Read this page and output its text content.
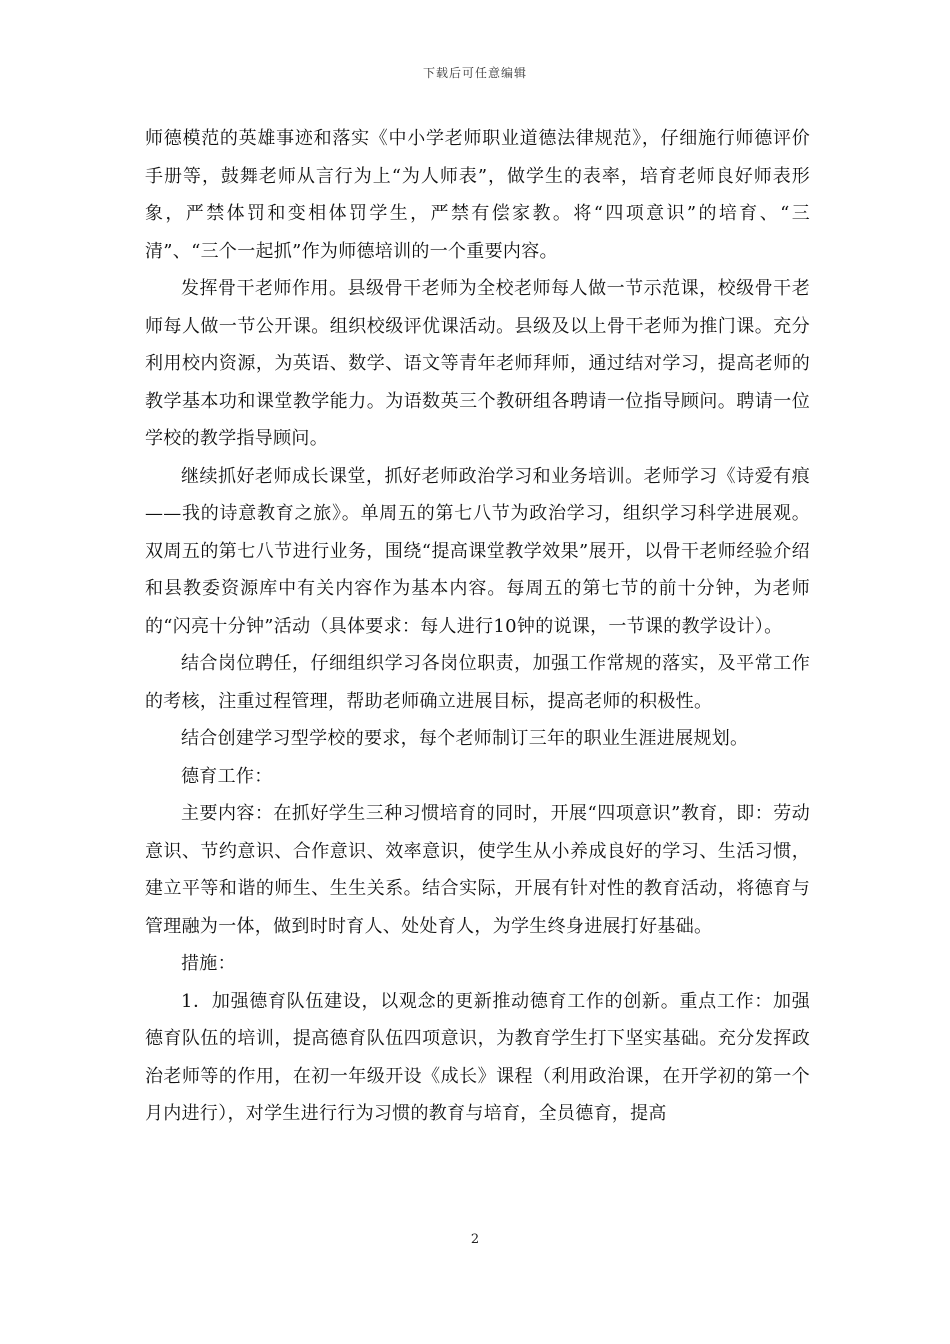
下载后可任意编辑

师德模范的英雄事迹和落实《中小学老师职业道德法律规范》，仔细施行师德评价手册等，鼓舞老师从言行为上“为人师表”，做学生的表率，培育老师良好师表形象，严禁体罚和变相体罚学生，严禁有偿家教。将“四项意识”的培育、“三清”、“三个一起抓”作为师德培训的一个重要内容。

发挥骨干老师作用。县级骨干老师为全校老师每人做一节示范课，校级骨干老师每人做一节公开课。组织校级评优课活动。县级及以上骨干老师为推门课。充分利用校内资源，为英语、数学、语文等青年老师拜师，通过结对学习，提高老师的教学基本功和课堂教学能力。为语数英三个教研组各聘请一位指导顾问。聘请一位学校的教学指导顾问。

继续抓好老师成长课堂，抓好老师政治学习和业务培训。老师学习《诗爱有痕——我的诗意教育之旅》。单周五的第七八节为政治学习，组织学习科学进展观。双周五的第七八节进行业务，围绕“提高课堂教学效果”展开，以骨干老师经验介绍和县教委资源库中有关内容作为基本内容。每周五的第七节的前十分钟，为老师的“闪亮十分钟”活动（具体要求：每人进行10钟的说课，一节课的教学设计）。

结合岗位聘任，仔细组织学习各岗位职责，加强工作常规的落实，及平常工作的考核，注重过程管理，帮助老师确立进展目标，提高老师的积极性。

结合创建学习型学校的要求，每个老师制订三年的职业生涯进展规划。

德育工作：

主要内容：在抓好学生三种习惯培育的同时，开展“四项意识”教育，即：劳动意识、节约意识、合作意识、效率意识，使学生从小养成良好的学习、生活习惯，建立平等和谐的师生、生生关系。结合实际，开展有针对性的教育活动，将德育与管理融为一体，做到时时育人、处处育人，为学生终身进展打好基础。

措施：

1．加强德育队伍建设，以观念的更新推动德育工作的创新。重点工作：加强德育队伍的培训，提高德育队伍四项意识，为教育学生打下坚实基础。充分发挥政治老师等的作用，在初一年级开设《成长》课程（利用政治课，在开学初的第一个月内进行），对学生进行行为习惯的教育与培育，全员德育，提高

2
